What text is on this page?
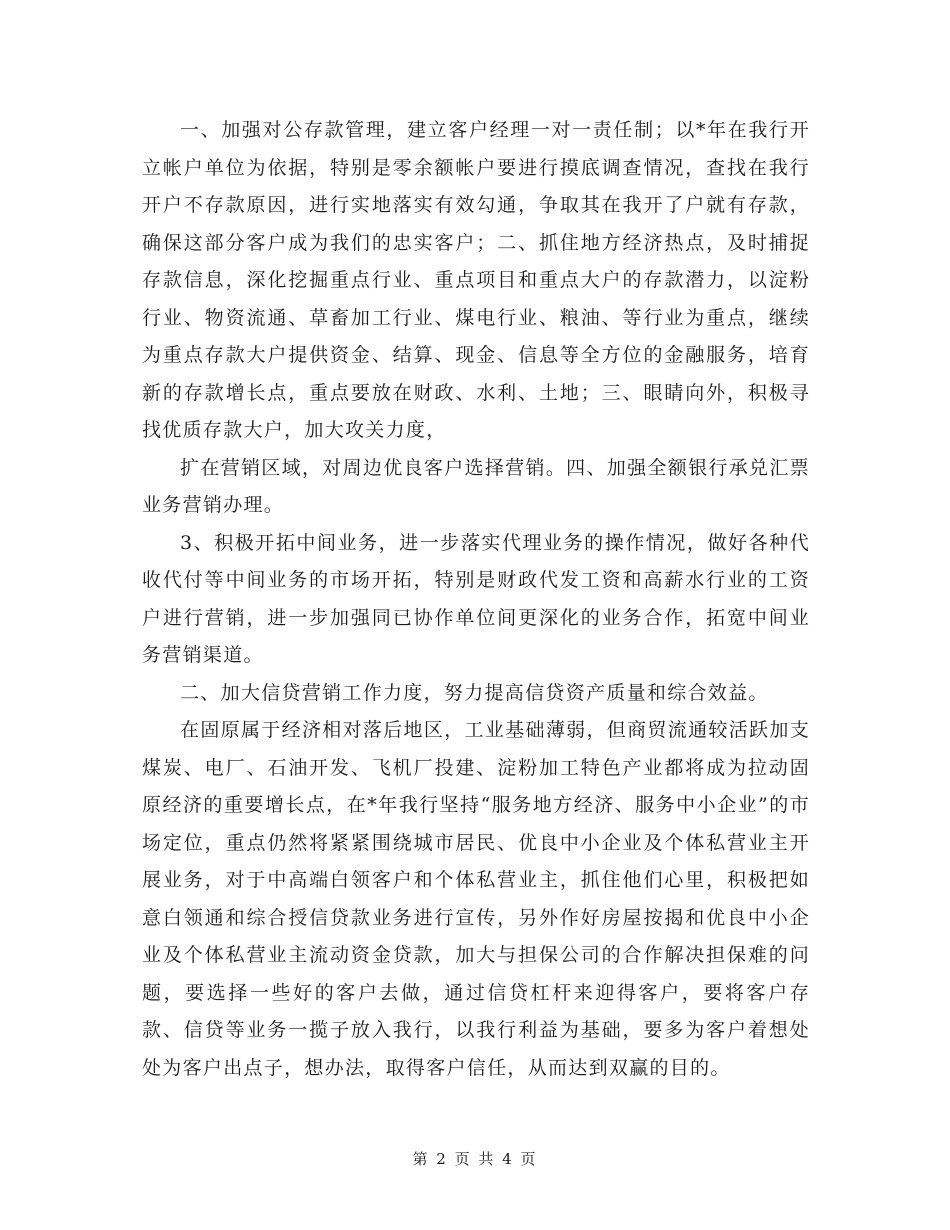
一、加强对公存款管理，建立客户经理一对一责任制；以*年在我行开立帐户单位为依据，特别是零余额帐户要进行摸底调查情况，查找在我行开户不存款原因，进行实地落实有效勾通，争取其在我开了户就有存款，确保这部分客户成为我们的忠实客户；二、抓住地方经济热点，及时捕捉存款信息，深化挖掘重点行业、重点项目和重点大户的存款潜力，以淀粉行业、物资流通、草畜加工行业、煤电行业、粮油、等行业为重点，继续为重点存款大户提供资金、结算、现金、信息等全方位的金融服务，培育新的存款增长点，重点要放在财政、水利、土地；三、眼睛向外，积极寻找优质存款大户，加大攻关力度，

扩在营销区域，对周边优良客户选择营销。四、加强全额银行承兑汇票业务营销办理。

3、积极开拓中间业务，进一步落实代理业务的操作情况，做好各种代收代付等中间业务的市场开拓，特别是财政代发工资和高薪水行业的工资户进行营销，进一步加强同已协作单位间更深化的业务合作，拓宽中间业务营销渠道。

二、加大信贷营销工作力度，努力提高信贷资产质量和综合效益。

在固原属于经济相对落后地区，工业基础薄弱，但商贸流通较活跃加支煤炭、电厂、石油开发、飞机厂投建、淀粉加工特色产业都将成为拉动固原经济的重要增长点，在*年我行坚持“服务地方经济、服务中小企业”的市场定位，重点仍然将紧紧围绕城市居民、优良中小企业及个体私营业主开展业务，对于中高端白领客户和个体私营业主，抓住他们心里，积极把如意白领通和综合授信贷款业务进行宣传，另外作好房屋按揭和优良中小企业及个体私营业主流动资金贷款，加大与担保公司的合作解决担保难的问题，要选择一些好的客户去做，通过信贷杠杆来迎得客户，要将客户存款、信贷等业务一揽子放入我行，以我行利益为基础，要多为客户着想处处为客户出点子，想办法，取得客户信任，从而达到双赢的目的。

第 2 页 共 4 页
